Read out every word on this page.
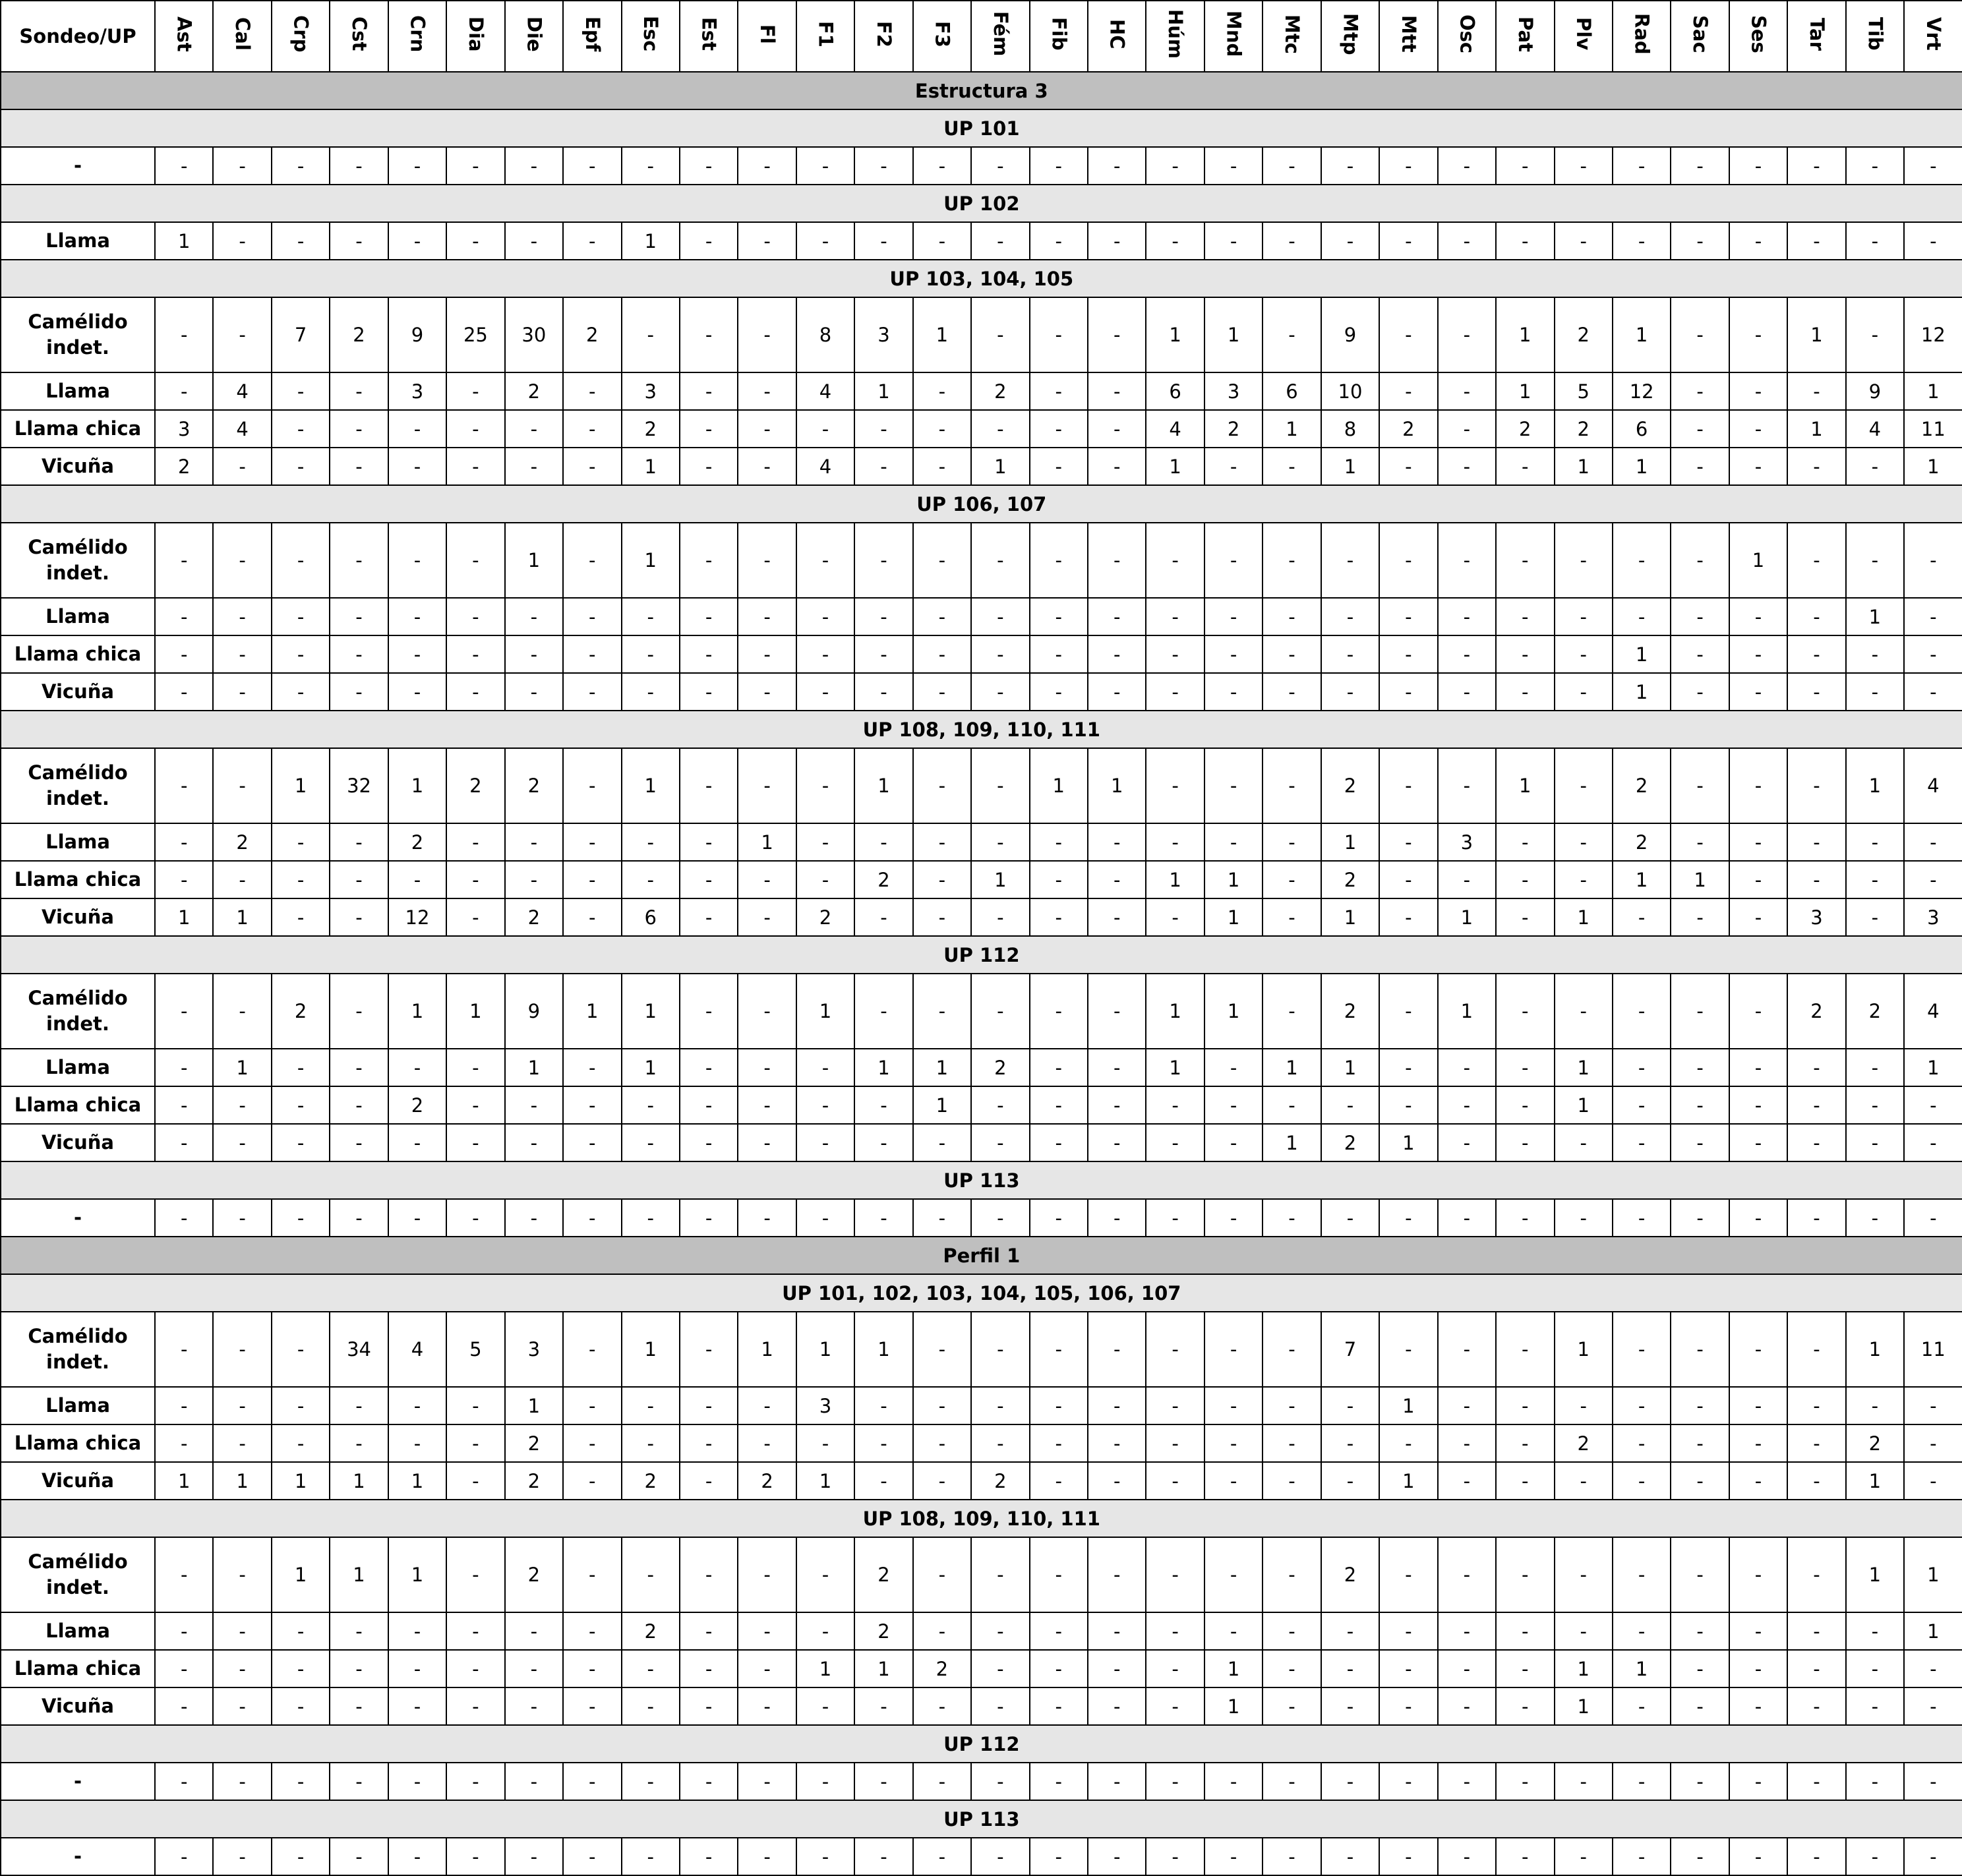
Sondeo/UP	Ast	Cal	Crp	Cst	Crn	Dia	Die	Epf	Esc	Est	Fl	F1	F2	F3	Fém	Fib	HC	Húm	Mnd	Mtc	Mtp	Mtt	Osc	Pat	Plv	Rad	Sac	Ses	Tar	Tib	Vrt
Estructura 3																															
UP 101																															
-	-	-	-	-	-	-	-	-	-	-	-	-	-	-	-	-	-	-	-	-	-	-	-	-	-	-	-	-	-	-	-
UP 102																															
Llama	1	-	-	-	-	-	-	-	1	-	-	-	-	-	-	-	-	-	-	-	-	-	-	-	-	-	-	-	-	-	-
UP 103, 104, 105																															
Camélido indet.	-	-	7	2	9	25	30	2	-	-	-	8	3	1	-	-	-	1	1	-	9	-	-	1	2	1	-	-	1	-	12
Llama	-	4	-	-	3	-	2	-	3	-	-	4	1	-	2	-	-	6	3	6	10	-	-	1	5	12	-	-	-	9	1
Llama chica	3	4	-	-	-	-	-	-	2	-	-	-	-	-	-	-	-	4	2	1	8	2	-	2	2	6	-	-	1	4	11
Vicuña	2	-	-	-	-	-	-	-	1	-	-	4	-	-	1	-	-	1	-	-	1	-	-	-	1	1	-	-	-	-	1
UP 106, 107																															
Camélido indet.	-	-	-	-	-	-	1	-	1	-	-	-	-	-	-	-	-	-	-	-	-	-	-	-	-	-	-	1	-	-	-
Llama	-	-	-	-	-	-	-	-	-	-	-	-	-	-	-	-	-	-	-	-	-	-	-	-	-	-	-	-	-	1	-
Llama chica	-	-	-	-	-	-	-	-	-	-	-	-	-	-	-	-	-	-	-	-	-	-	-	-	-	1	-	-	-	-	-
Vicuña	-	-	-	-	-	-	-	-	-	-	-	-	-	-	-	-	-	-	-	-	-	-	-	-	-	1	-	-	-	-	-
UP 108, 109, 110, 111																															
Camélido indet.	-	-	1	32	1	2	2	-	1	-	-	-	1	-	-	1	1	-	-	-	2	-	-	1	-	2	-	-	-	1	4
Llama	-	2	-	-	2	-	-	-	-	-	1	-	-	-	-	-	-	-	-	-	1	-	3	-	-	2	-	-	-	-	-
Llama chica	-	-	-	-	-	-	-	-	-	-	-	-	2	-	1	-	-	1	1	-	2	-	-	-	-	1	1	-	-	-	-
Vicuña	1	1	-	-	12	-	2	-	6	-	-	2	-	-	-	-	-	-	1	-	1	-	1	-	1	-	-	-	3	-	3
UP 112																															
Camélido indet.	-	-	2	-	1	1	9	1	1	-	-	1	-	-	-	-	-	1	1	-	2	-	1	-	-	-	-	-	2	2	4
Llama	-	1	-	-	-	-	1	-	1	-	-	-	1	1	2	-	-	1	-	1	1	-	-	-	1	-	-	-	-	-	1
Llama chica	-	-	-	-	2	-	-	-	-	-	-	-	-	1	-	-	-	-	-	-	-	-	-	-	1	-	-	-	-	-	-
Vicuña	-	-	-	-	-	-	-	-	-	-	-	-	-	-	-	-	-	-	-	1	2	1	-	-	-	-	-	-	-	-	-
UP 113																															
-	-	-	-	-	-	-	-	-	-	-	-	-	-	-	-	-	-	-	-	-	-	-	-	-	-	-	-	-	-	-	-
Perfil 1																															
UP 101, 102, 103, 104, 105, 106, 107																															
Camélido indet.	-	-	-	34	4	5	3	-	1	-	1	1	1	-	-	-	-	-	-	-	7	-	-	-	1	-	-	-	-	1	11
Llama	-	-	-	-	-	-	1	-	-	-	-	3	-	-	-	-	-	-	-	-	-	1	-	-	-	-	-	-	-	-	-
Llama chica	-	-	-	-	-	-	2	-	-	-	-	-	-	-	-	-	-	-	-	-	-	-	-	-	2	-	-	-	-	2	-
Vicuña	1	1	1	1	1	-	2	-	2	-	2	1	-	-	2	-	-	-	-	-	-	1	-	-	-	-	-	-	-	1	-
UP 108, 109, 110, 111																															
Camélido indet.	-	-	1	1	1	-	2	-	-	-	-	-	2	-	-	-	-	-	-	-	2	-	-	-	-	-	-	-	-	1	1
Llama	-	-	-	-	-	-	-	-	2	-	-	-	2	-	-	-	-	-	-	-	-	-	-	-	-	-	-	-	-	-	1
Llama chica	-	-	-	-	-	-	-	-	-	-	-	1	1	2	-	-	-	-	1	-	-	-	-	-	1	1	-	-	-	-	-
Vicuña	-	-	-	-	-	-	-	-	-	-	-	-	-	-	-	-	-	-	1	-	-	-	-	-	1	-	-	-	-	-	-
UP 112																															
-	-	-	-	-	-	-	-	-	-	-	-	-	-	-	-	-	-	-	-	-	-	-	-	-	-	-	-	-	-	-	-
UP 113																															
-	-	-	-	-	-	-	-	-	-	-	-	-	-	-	-	-	-	-	-	-	-	-	-	-	-	-	-	-	-	-	-
